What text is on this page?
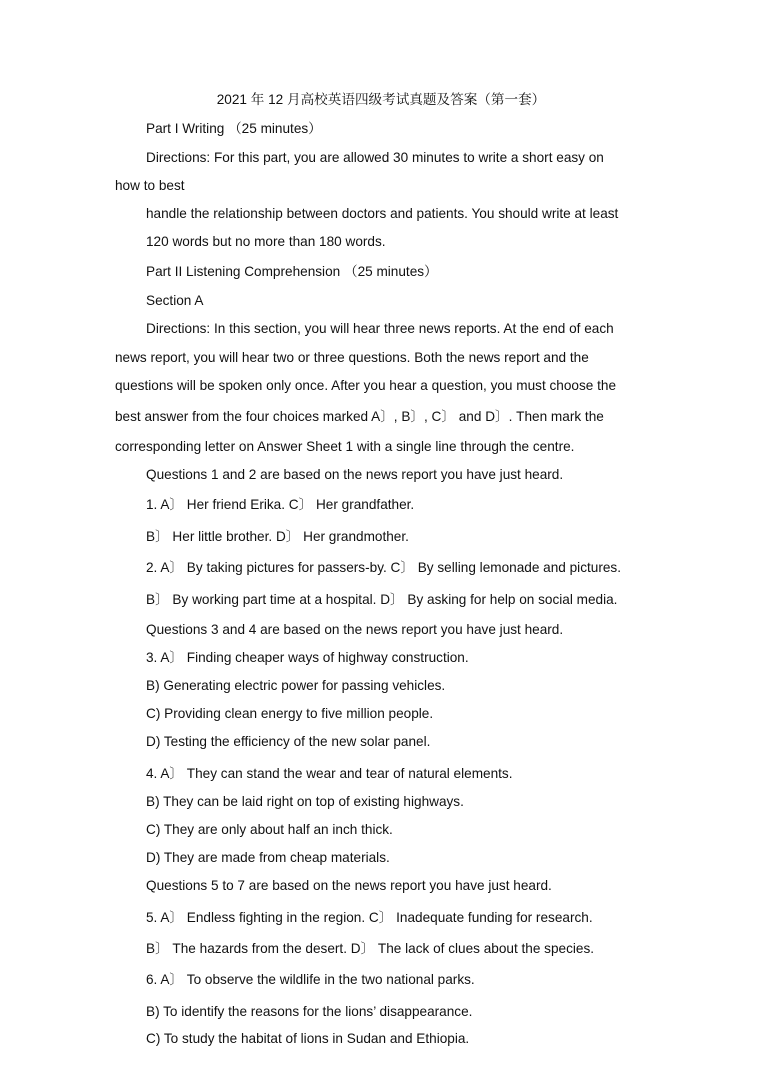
2021 年 12 月高校英语四级考试真题及答案（第一套）
Part I Writing （25 minutes）
Directions: For this part, you are allowed 30 minutes to write a short easy on
how to best
handle the relationship between doctors and patients. You should write at least
120 words but no more than 180 words.
Part II Listening Comprehension （25 minutes）
Section A
Directions: In this section, you will hear three news reports. At the end of each
news report, you will hear two or three questions. Both the news report and the
questions will be spoken only once. After you hear a question, you must choose the
best answer from the four choices marked A〕, B〕, C〕 and D〕. Then mark the
corresponding letter on Answer Sheet 1 with a single line through the centre.
Questions 1 and 2 are based on the news report you have just heard.
1. A〕 Her friend Erika. C〕 Her grandfather.
B〕 Her little brother. D〕 Her grandmother.
2. A〕 By taking pictures for passers-by. C〕 By selling lemonade and pictures.
B〕 By working part time at a hospital. D〕 By asking for help on social media.
Questions 3 and 4 are based on the news report you have just heard.
3. A〕 Finding cheaper ways of highway construction.
B) Generating electric power for passing vehicles.
C) Providing clean energy to five million people.
D) Testing the efficiency of the new solar panel.
4. A〕 They can stand the wear and tear of natural elements.
B) They can be laid right on top of existing highways.
C) They are only about half an inch thick.
D) They are made from cheap materials.
Questions 5 to 7 are based on the news report you have just heard.
5. A〕 Endless fighting in the region. C〕 Inadequate funding for research.
B〕 The hazards from the desert. D〕 The lack of clues about the species.
6. A〕 To observe the wildlife in the two national parks.
B) To identify the reasons for the lions’ disappearance.
C) To study the habitat of lions in Sudan and Ethiopia.
